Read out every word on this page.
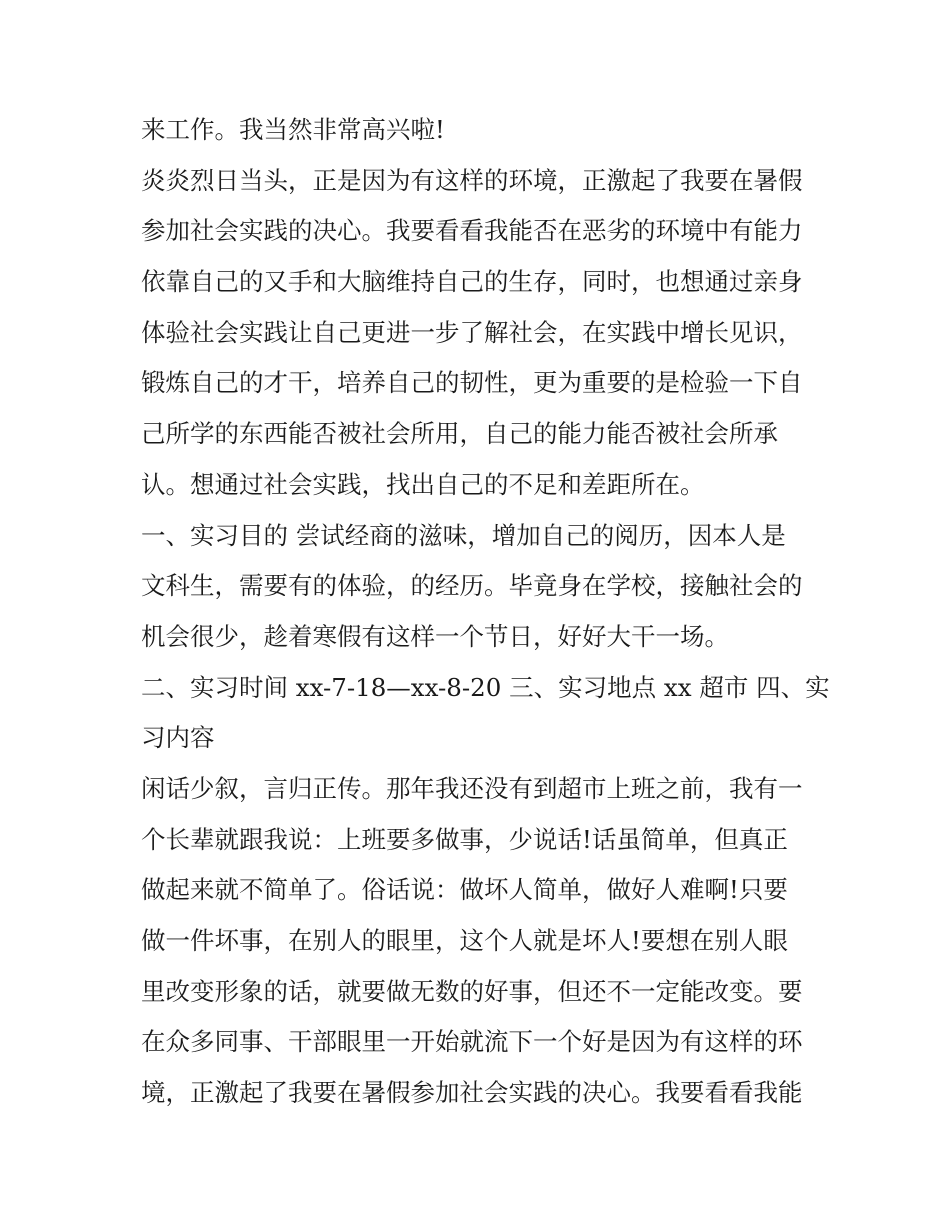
来工作。我当然非常高兴啦!
炎炎烈日当头，正是因为有这样的环境，正激起了我要在暑假
参加社会实践的决心。我要看看我能否在恶劣的环境中有能力
依靠自己的又手和大脑维持自己的生存，同时，也想通过亲身
体验社会实践让自己更进一步了解社会，在实践中增长见识，
锻炼自己的才干，培养自己的韧性，更为重要的是检验一下自
己所学的东西能否被社会所用，自己的能力能否被社会所承
认。想通过社会实践，找出自己的不足和差距所在。
一、实习目的 尝试经商的滋味，增加自己的阅历，因本人是
文科生，需要有的体验，的经历。毕竟身在学校，接触社会的
机会很少，趁着寒假有这样一个节日，好好大干一场。
二、实习时间 xx-7-18—xx-8-20 三、实习地点 xx 超市 四、实
习内容
闲话少叙，言归正传。那年我还没有到超市上班之前，我有一
个长辈就跟我说：上班要多做事，少说话!话虽简单，但真正
做起来就不简单了。俗话说：做坏人简单，做好人难啊!只要
做一件坏事，在别人的眼里，这个人就是坏人!要想在别人眼
里改变形象的话，就要做无数的好事，但还不一定能改变。要
在众多同事、干部眼里一开始就流下一个好是因为有这样的环
境，正激起了我要在暑假参加社会实践的决心。我要看看我能
